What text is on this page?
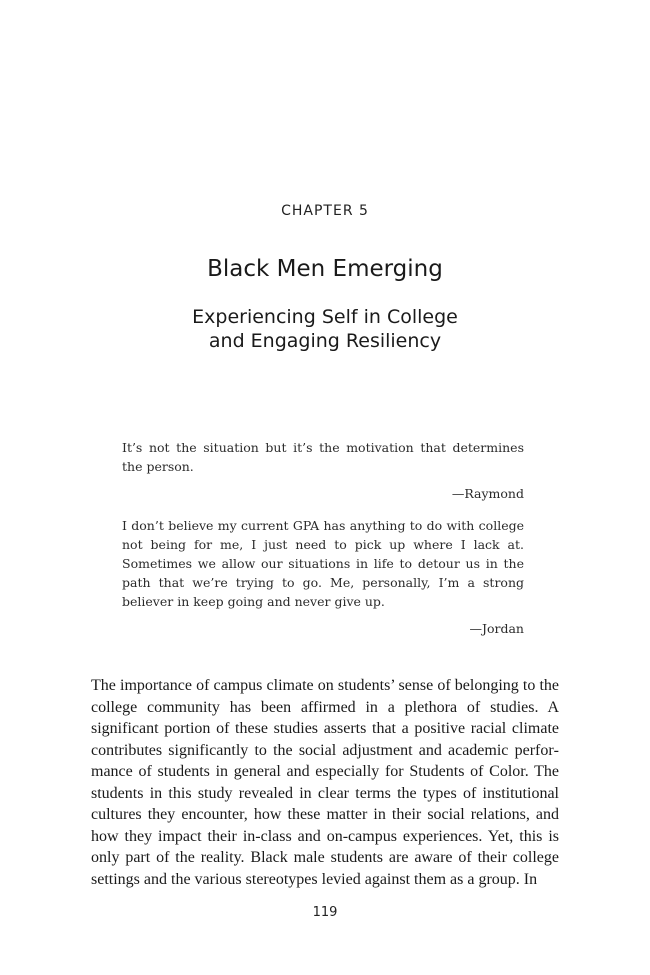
CHAPTER 5
Black Men Emerging
Experiencing Self in College
and Engaging Resiliency

It’s not the situation but it’s the motivation that determines the person.

—Raymond

I don’t believe my current GPA has anything to do with college not being for me, I just need to pick up where I lack at. Sometimes we allow our situations in life to detour us in the path that we’re trying to go. Me, personally, I’m a strong believer in keep going and never give up.

—Jordan

The importance of campus climate on students’ sense of belonging to the college community has been affirmed in a plethora of studies. A significant portion of these studies asserts that a positive racial climate contributes significantly to the social adjustment and academic performance of students in general and especially for Students of Color. The students in this study revealed in clear terms the types of institutional cultures they encounter, how these matter in their social relations, and how they impact their in-class and on-campus experiences. Yet, this is only part of the reality. Black male students are aware of their college settings and the various stereotypes levied against them as a group. In

119
